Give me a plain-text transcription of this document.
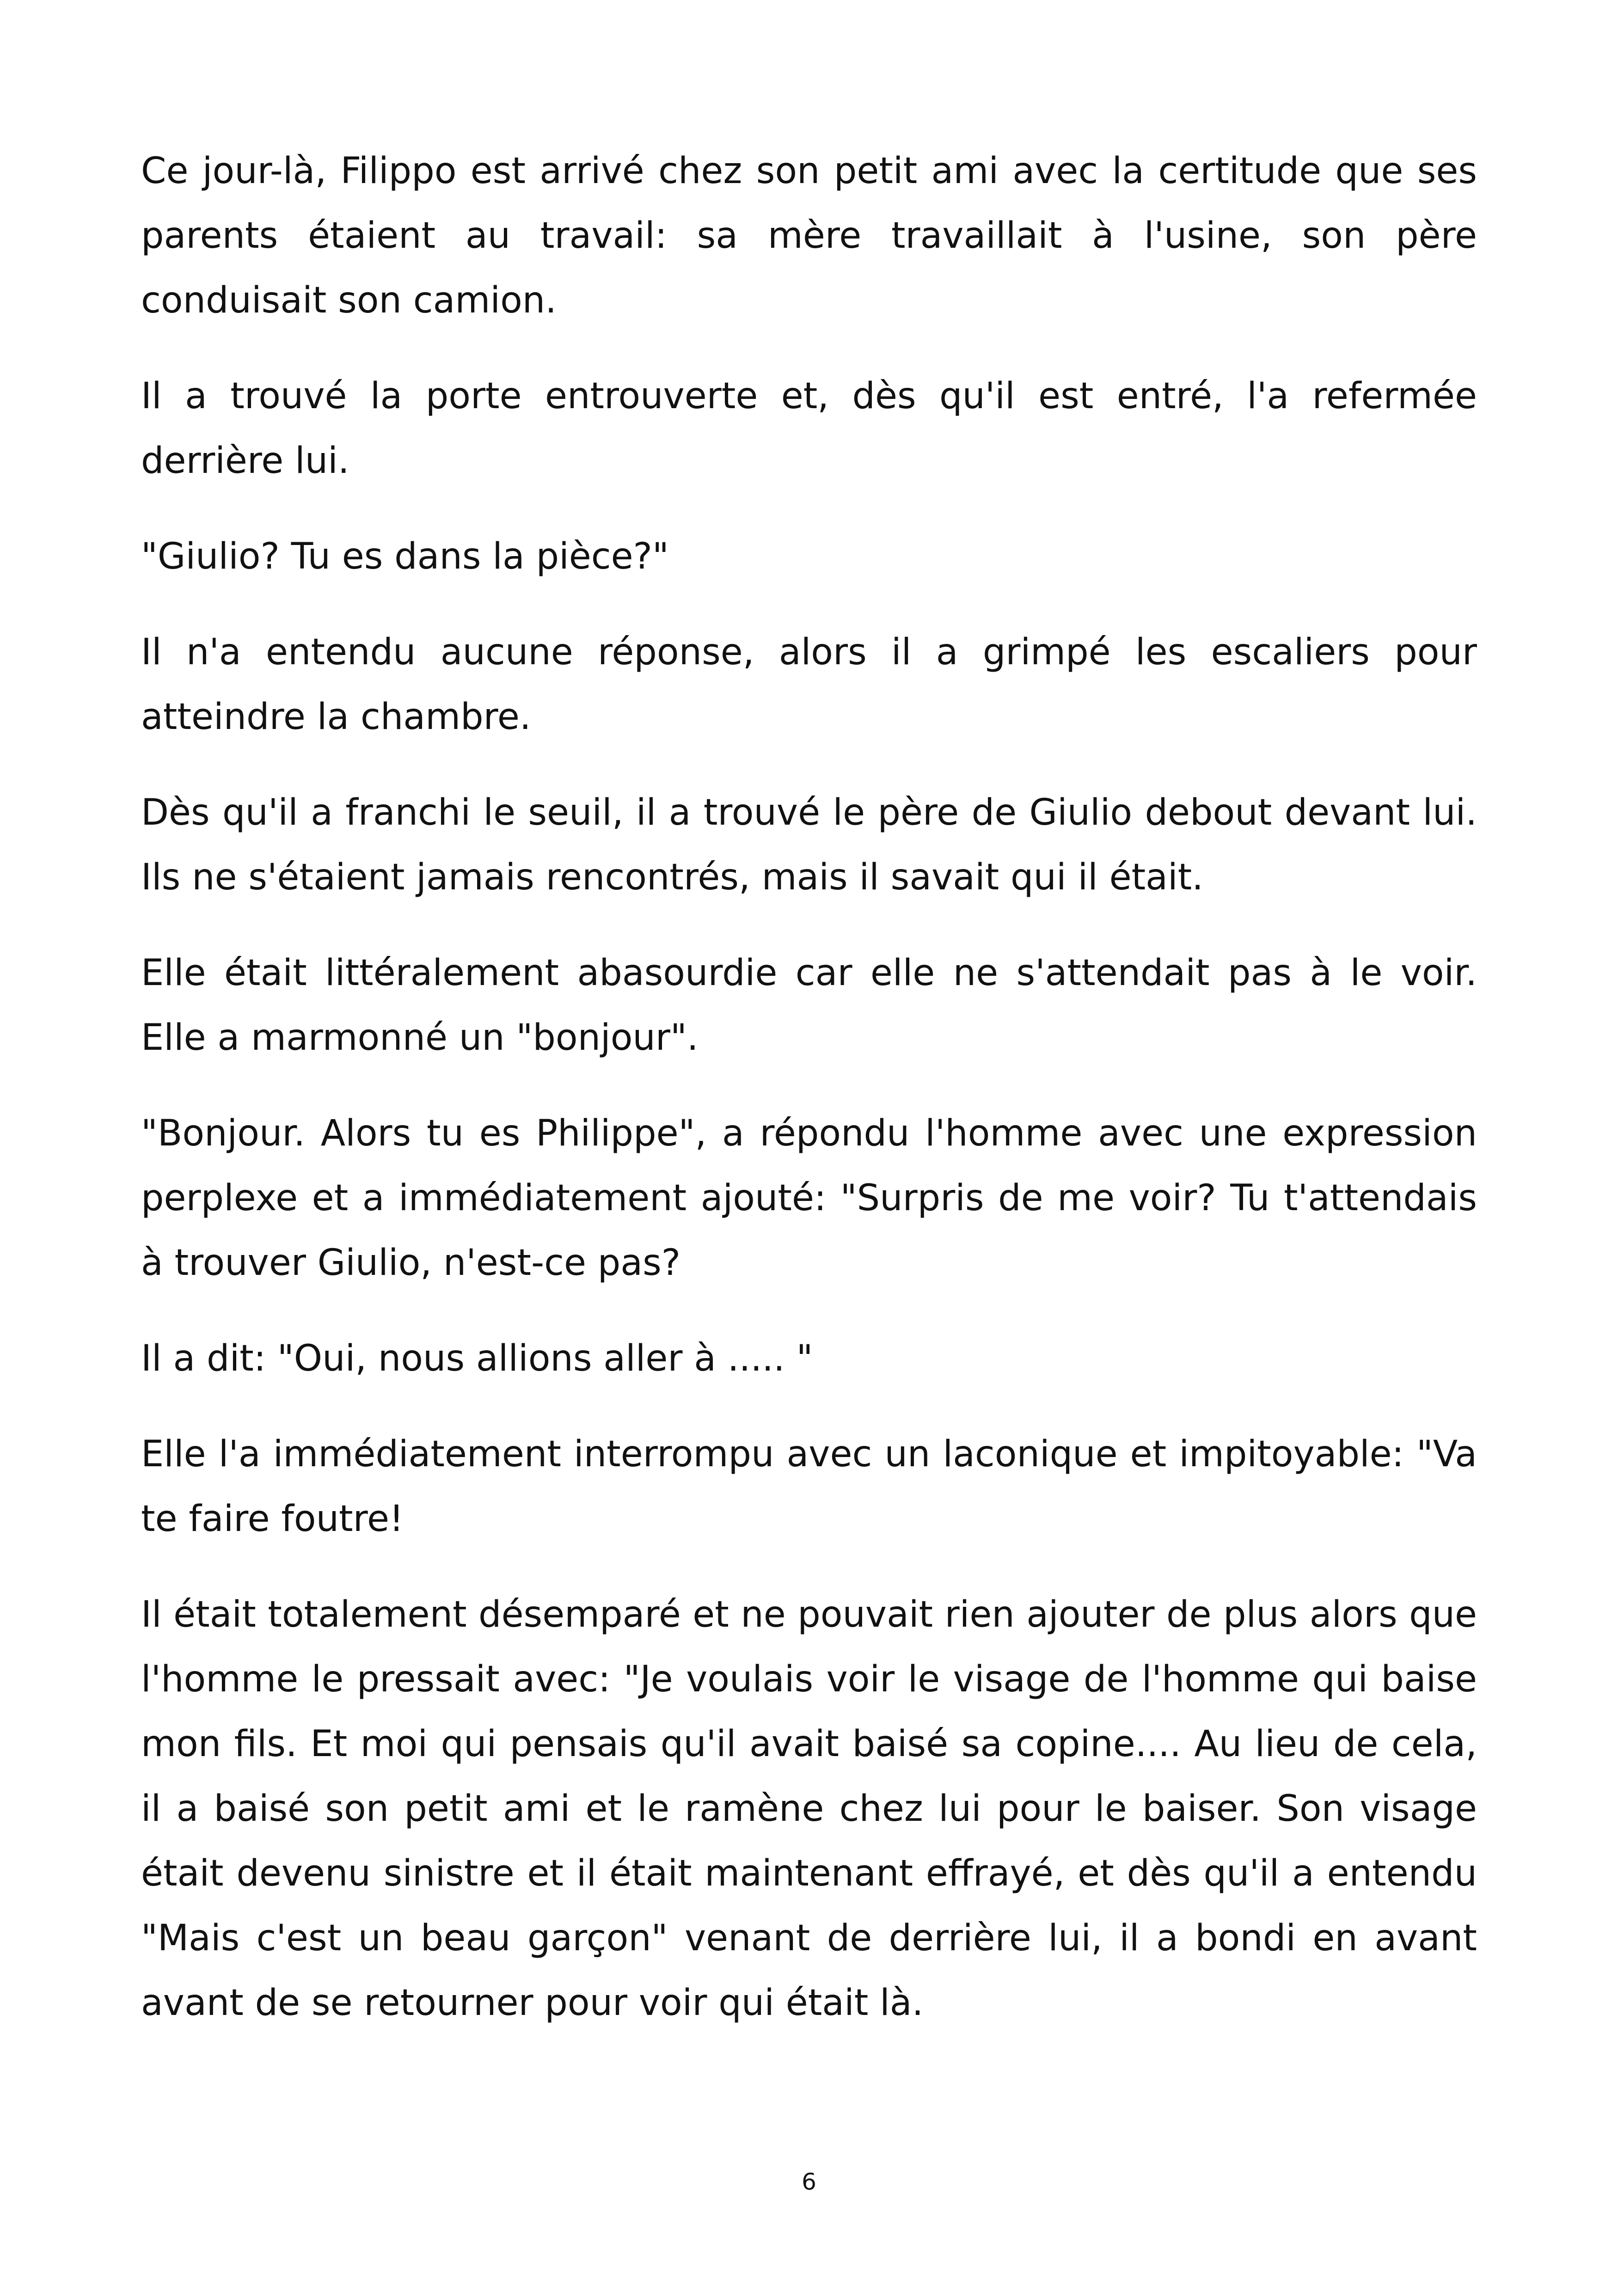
Ce jour-là, Filippo est arrivé chez son petit ami avec la certitude que ses parents étaient au travail: sa mère travaillait à l'usine, son père conduisait son camion.

Il a trouvé la porte entrouverte et, dès qu'il est entré, l'a refermée derrière lui.

"Giulio? Tu es dans la pièce?"

Il n'a entendu aucune réponse, alors il a grimpé les escaliers pour atteindre la chambre.

Dès qu'il a franchi le seuil, il a trouvé le père de Giulio debout devant lui. Ils ne s'étaient jamais rencontrés, mais il savait qui il était.

Elle était littéralement abasourdie car elle ne s'attendait pas à le voir. Elle a marmonné un "bonjour".

"Bonjour. Alors tu es Philippe", a répondu l'homme avec une expression perplexe et a immédiatement ajouté: "Surpris de me voir? Tu t'attendais à trouver Giulio, n'est-ce pas?

Il a dit: "Oui, nous allions aller à ..... "

Elle l'a immédiatement interrompu avec un laconique et impitoyable: "Va te faire foutre!

Il était totalement désemparé et ne pouvait rien ajouter de plus alors que l'homme le pressait avec: "Je voulais voir le visage de l'homme qui baise mon fils. Et moi qui pensais qu'il avait baisé sa copine.... Au lieu de cela, il a baisé son petit ami et le ramène chez lui pour le baiser. Son visage était devenu sinistre et il était maintenant effrayé, et dès qu'il a entendu "Mais c'est un beau garçon" venant de derrière lui, il a bondi en avant avant de se retourner pour voir qui était là.

6
